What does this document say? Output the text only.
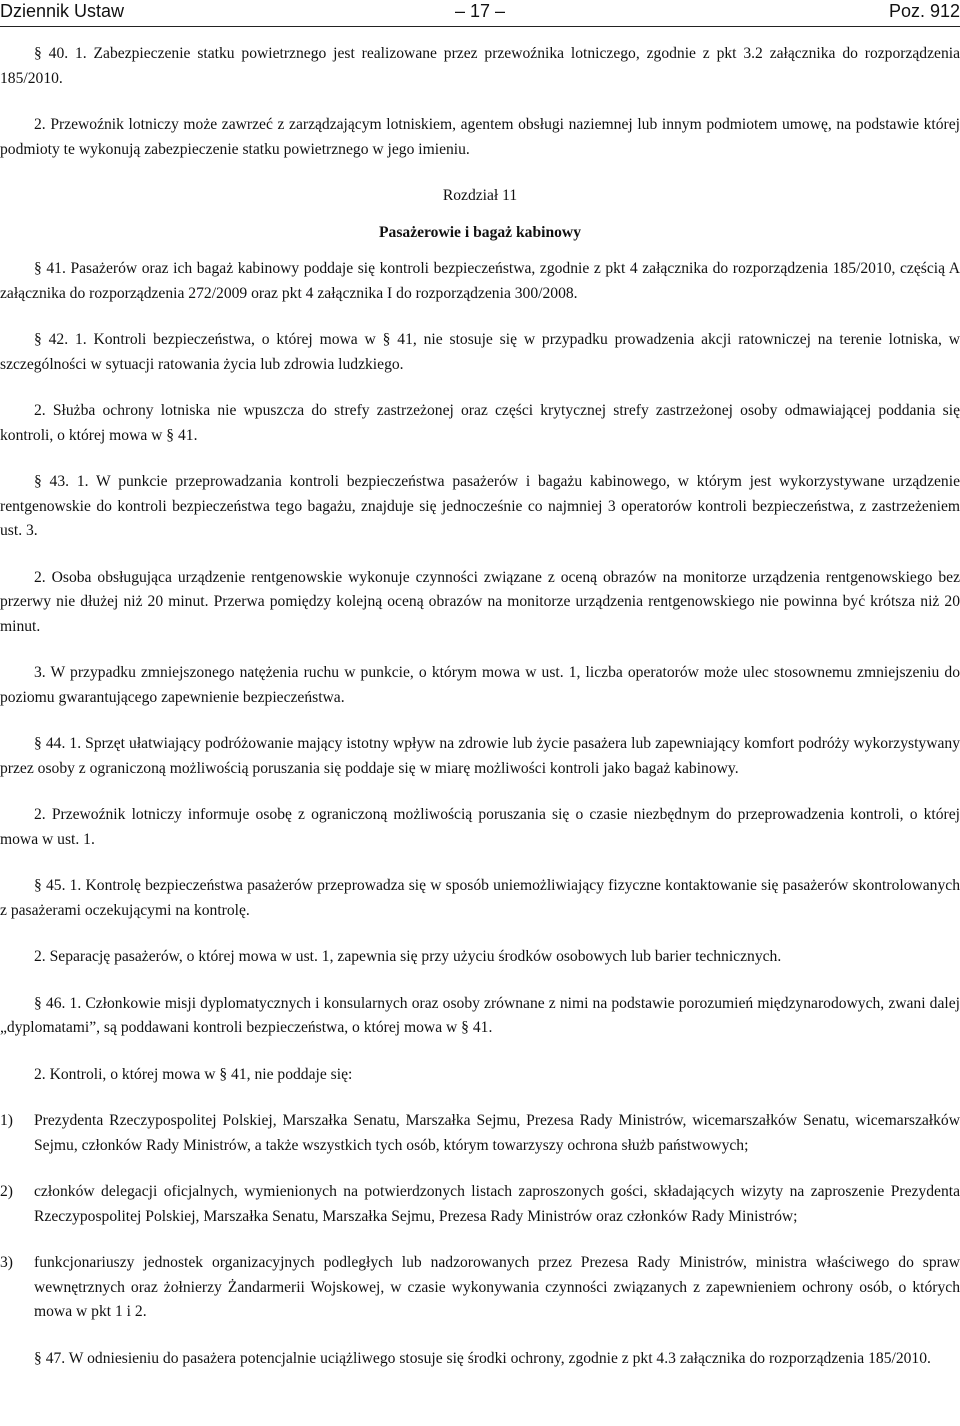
Dziennik Ustaw	– 17 –	Poz. 912

§ 40. 1. Zabezpieczenie statku powietrznego jest realizowane przez przewoźnika lotniczego, zgodnie z pkt 3.2 załącznika do rozporządzenia 185/2010.

2. Przewoźnik lotniczy może zawrzeć z zarządzającym lotniskiem, agentem obsługi naziemnej lub innym podmiotem umowę, na podstawie której podmioty te wykonują zabezpieczenie statku powietrznego w jego imieniu.

Rozdział 11

Pasażerowie i bagaż kabinowy

§ 41. Pasażerów oraz ich bagaż kabinowy poddaje się kontroli bezpieczeństwa, zgodnie z pkt 4 załącznika do rozporządzenia 185/2010, częścią A załącznika do rozporządzenia 272/2009 oraz pkt 4 załącznika I do rozporządzenia 300/2008.

§ 42. 1. Kontroli bezpieczeństwa, o której mowa w § 41, nie stosuje się w przypadku prowadzenia akcji ratowniczej na terenie lotniska, w szczególności w sytuacji ratowania życia lub zdrowia ludzkiego.

2. Służba ochrony lotniska nie wpuszcza do strefy zastrzeżonej oraz części krytycznej strefy zastrzeżonej osoby odmawiającej poddania się kontroli, o której mowa w § 41.

§ 43. 1. W punkcie przeprowadzania kontroli bezpieczeństwa pasażerów i bagażu kabinowego, w którym jest wykorzystywane urządzenie rentgenowskie do kontroli bezpieczeństwa tego bagażu, znajduje się jednocześnie co najmniej 3 operatorów kontroli bezpieczeństwa, z zastrzeżeniem ust. 3.

2. Osoba obsługująca urządzenie rentgenowskie wykonuje czynności związane z oceną obrazów na monitorze urządzenia rentgenowskiego bez przerwy nie dłużej niż 20 minut. Przerwa pomiędzy kolejną oceną obrazów na monitorze urządzenia rentgenowskiego nie powinna być krótsza niż 20 minut.

3. W przypadku zmniejszonego natężenia ruchu w punkcie, o którym mowa w ust. 1, liczba operatorów może ulec stosownemu zmniejszeniu do poziomu gwarantującego zapewnienie bezpieczeństwa.

§ 44. 1. Sprzęt ułatwiający podróżowanie mający istotny wpływ na zdrowie lub życie pasażera lub zapewniający komfort podróży wykorzystywany przez osoby z ograniczoną możliwością poruszania się poddaje się w miarę możliwości kontroli jako bagaż kabinowy.

2. Przewoźnik lotniczy informuje osobę z ograniczoną możliwością poruszania się o czasie niezbędnym do przeprowadzenia kontroli, o której mowa w ust. 1.

§ 45. 1. Kontrolę bezpieczeństwa pasażerów przeprowadza się w sposób uniemożliwiający fizyczne kontaktowanie się pasażerów skontrolowanych z pasażerami oczekującymi na kontrolę.

2. Separację pasażerów, o której mowa w ust. 1, zapewnia się przy użyciu środków osobowych lub barier technicznych.

§ 46. 1. Członkowie misji dyplomatycznych i konsularnych oraz osoby zrównane z nimi na podstawie porozumień międzynarodowych, zwani dalej „dyplomatami”, są poddawani kontroli bezpieczeństwa, o której mowa w § 41.

2. Kontroli, o której mowa w § 41, nie poddaje się:

1) Prezydenta Rzeczypospolitej Polskiej, Marszałka Senatu, Marszałka Sejmu, Prezesa Rady Ministrów, wicemarszałków Senatu, wicemarszałków Sejmu, członków Rady Ministrów, a także wszystkich tych osób, którym towarzyszy ochrona służb państwowych;
2) członków delegacji oficjalnych, wymienionych na potwierdzonych listach zaproszonych gości, składających wizyty na zaproszenie Prezydenta Rzeczypospolitej Polskiej, Marszałka Senatu, Marszałka Sejmu, Prezesa Rady Ministrów oraz członków Rady Ministrów;
3) funkcjonariuszy jednostek organizacyjnych podległych lub nadzorowanych przez Prezesa Rady Ministrów, ministra właściwego do spraw wewnętrznych oraz żołnierzy Żandarmerii Wojskowej, w czasie wykonywania czynności związanych z zapewnieniem ochrony osób, o których mowa w pkt 1 i 2.

§ 47. W odniesieniu do pasażera potencjalnie uciążliwego stosuje się środki ochrony, zgodnie z pkt 4.3 załącznika do rozporządzenia 185/2010.
